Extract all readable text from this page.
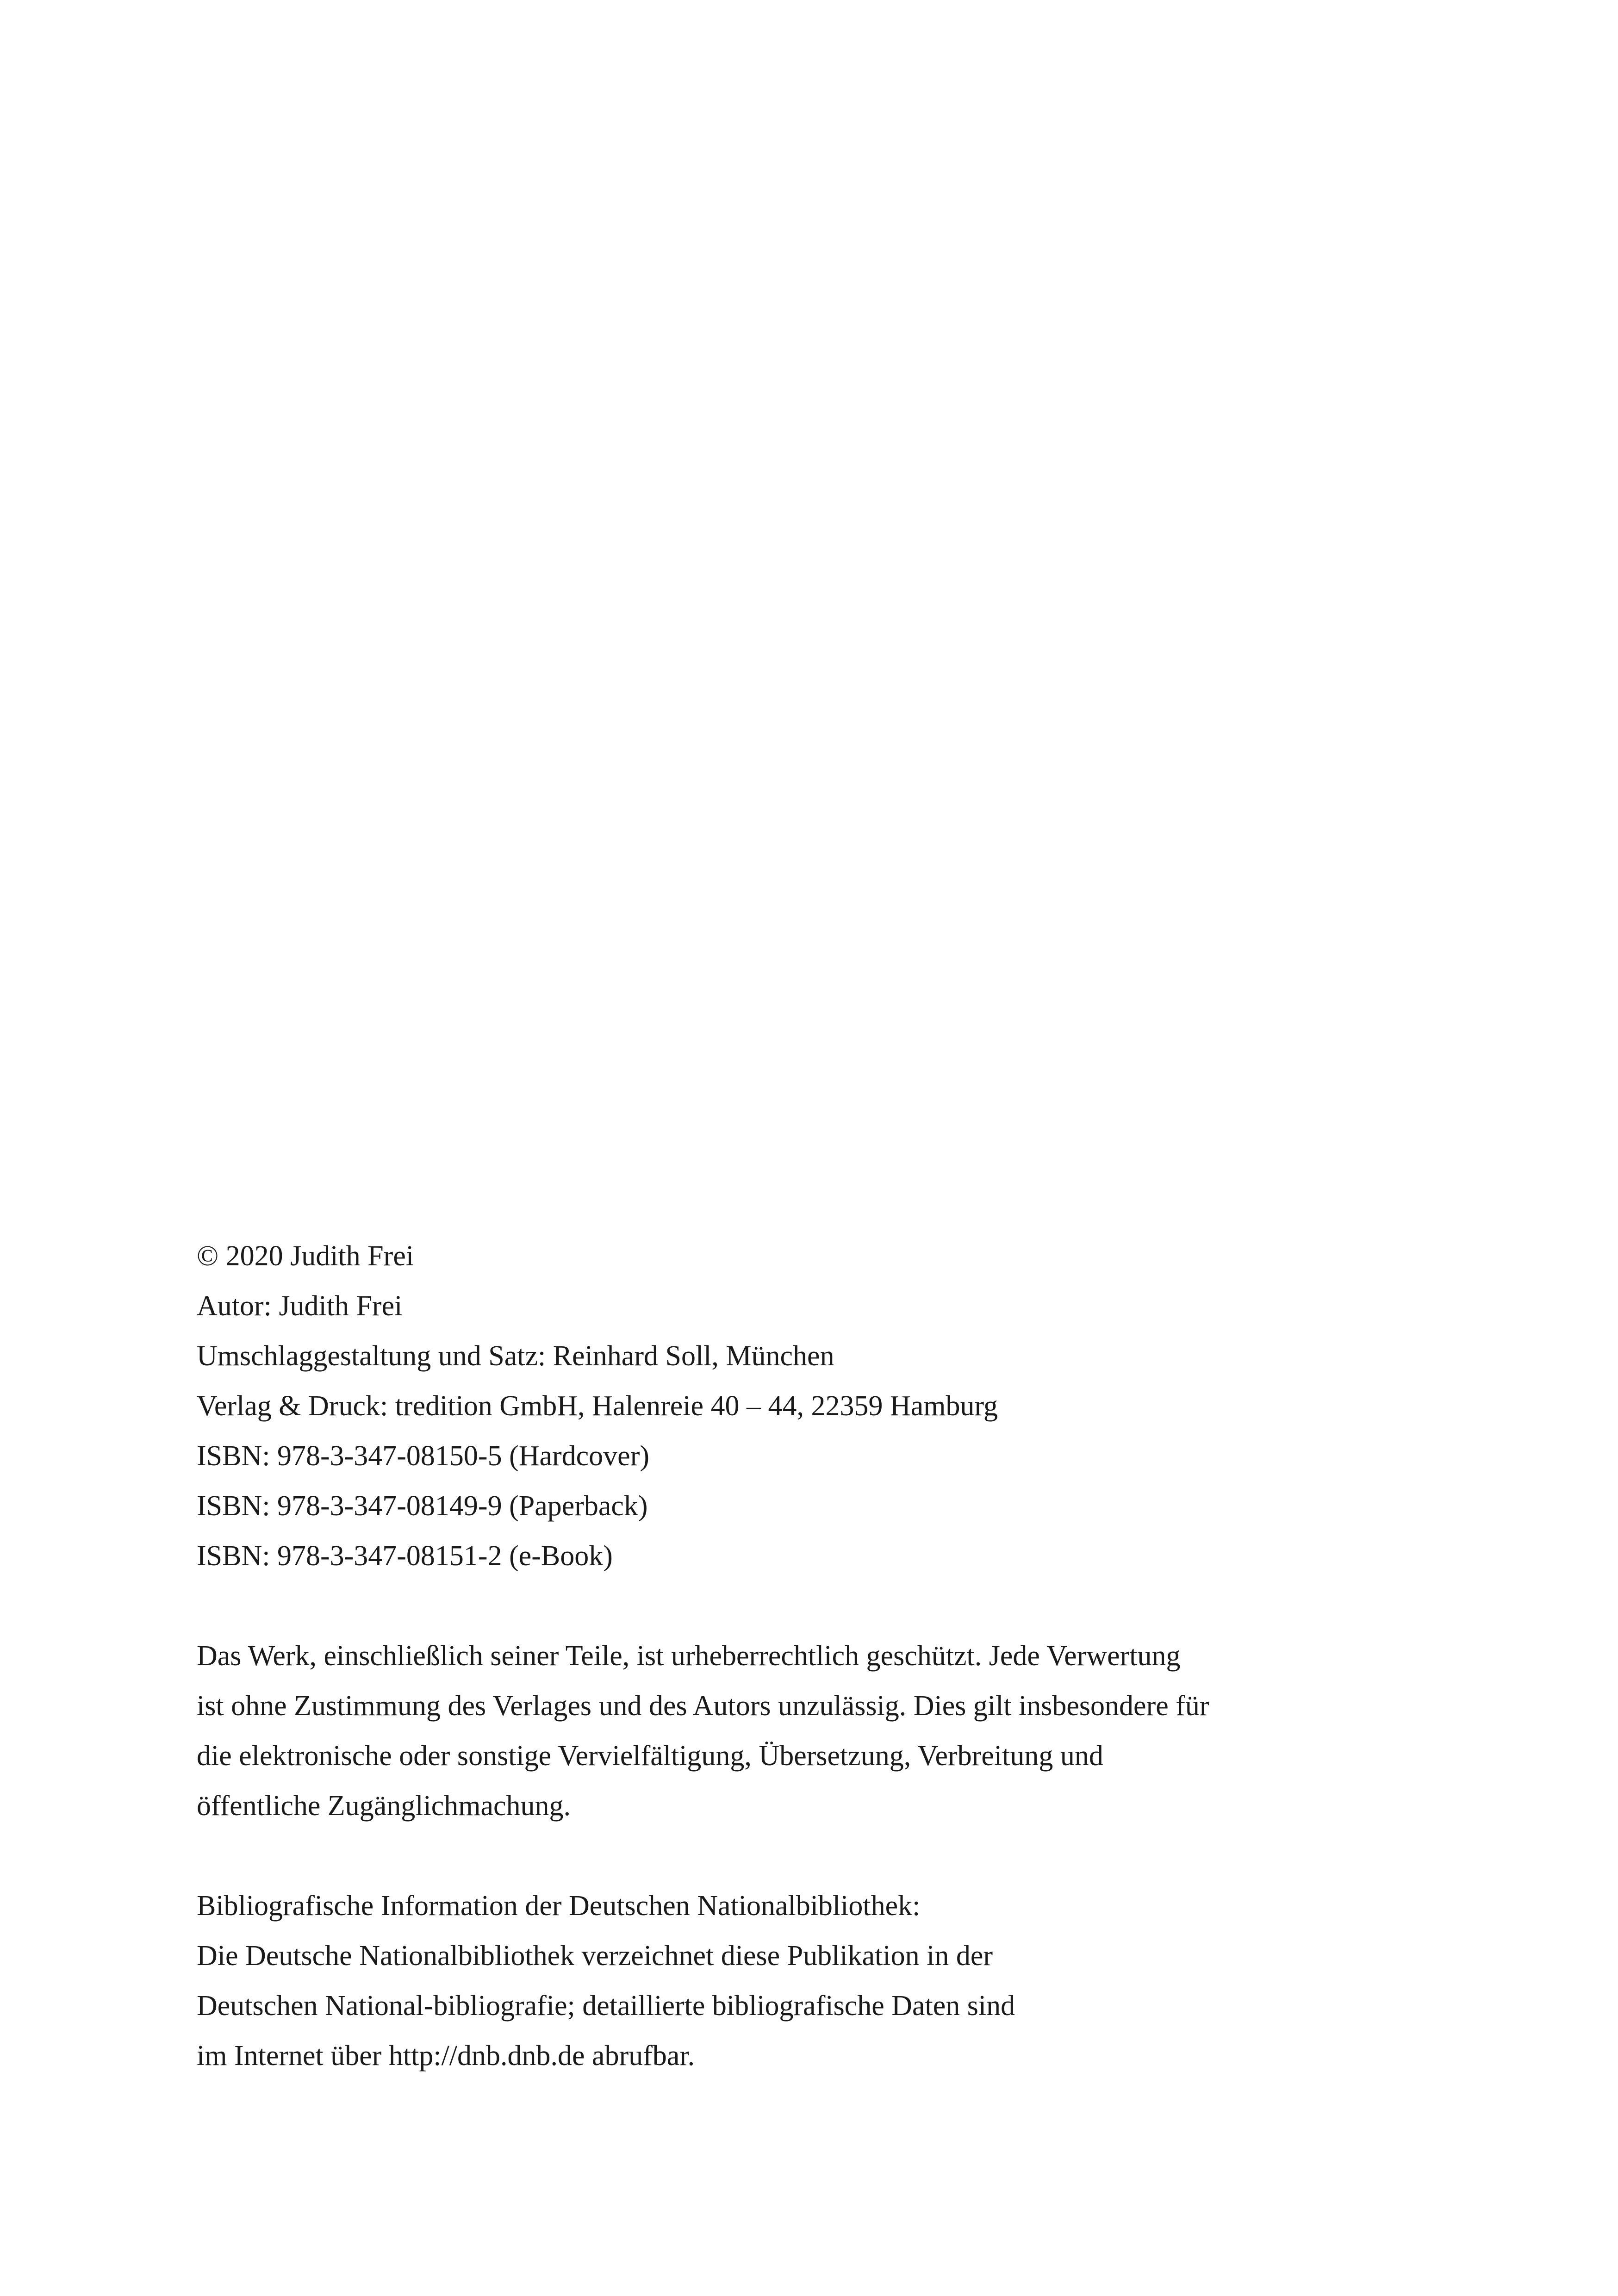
© 2020 Judith Frei
Autor: Judith Frei
Umschlaggestaltung und Satz: Reinhard Soll, München
Verlag & Druck: tredition GmbH, Halenreie 40 – 44, 22359 Hamburg
ISBN: 978-3-347-08150-5 (Hardcover)
ISBN: 978-3-347-08149-9 (Paperback)
ISBN: 978-3-347-08151-2 (e-Book)
Das Werk, einschließlich seiner Teile, ist urheberrechtlich geschützt. Jede Verwertung
ist ohne Zustimmung des Verlages und des Autors unzulässig. Dies gilt insbesondere für
die elektronische oder sonstige Vervielfältigung, Übersetzung, Verbreitung und
öffentliche Zugänglichmachung.
Bibliografische Information der Deutschen Nationalbibliothek:
Die Deutsche Nationalbibliothek verzeichnet diese Publikation in der
Deutschen National-bibliografie; detaillierte bibliografische Daten sind
im Internet über http://dnb.dnb.de abrufbar.
